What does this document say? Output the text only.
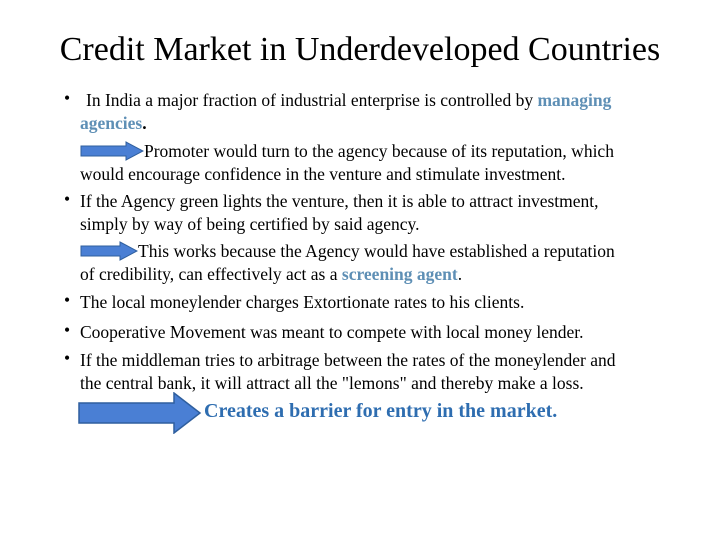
Credit Market in Underdeveloped Countries
• In India a major fraction of industrial enterprise is controlled by managing
agencies.
Promoter would turn to the agency because of its reputation, which
would encourage confidence in the venture and stimulate investment.
• If the Agency green lights the venture, then it is able to attract investment,
simply by way of being certified by said agency.
This works because the Agency would have established a reputation
of credibility, can effectively act as a screening agent.
• The local moneylender charges Extortionate rates to his clients.
• Cooperative Movement was meant to compete with local money lender.
• If the middleman tries to arbitrage between the rates of the moneylender and
the central bank, it will attract all the "lemons" and thereby make a loss.
Creates a barrier for entry in the market.
